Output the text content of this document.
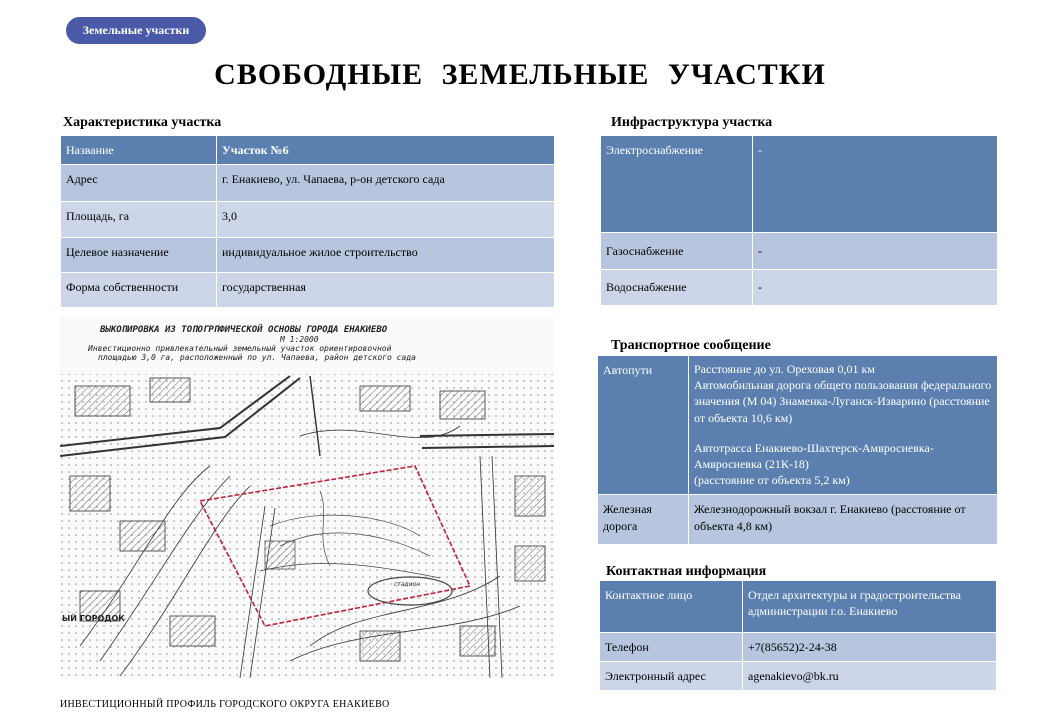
Земельные участки
СВОБОДНЫЕ ЗЕМЕЛЬНЫЕ УЧАСТКИ
Характеристика участка
Название	Участок №6
Адрес	г. Енакиево, ул. Чапаева, р-он детского сада
Площадь, га	3,0
Целевое назначение	индивидуальное жилое строительство
Форма собственности	государственная
Инфраструктура участка
Электроснабжение	-
Газоснабжение	-
Водоснабжение	-
Транспортное сообщение
Автопути	Расстояние до ул. Ореховая 0,01 км
Автомобильная дорога общего пользования федерального значения (М 04) Знаменка-Луганск-Изварино (расстояние от объекта 10,6 км)
Автотрасса Енакиево-Шахтерск-Амвросиевка-Амвросиевка (21К-18)
(расстояние от объекта 5,2 км)

Железная дорога	Железнодорожный вокзал г. Енакиево (расстояние от объекта 4,8 км)
Контактная информация
Контактное лицо	Отдел архитектуры и градостроительства администрации г.о. Енакиево
Телефон	+7(85652)2-24-38
Электронный адрес	agenakievo@bk.ru
ВЫКОПИРОВКА ИЗ ТОПОГРПФИЧЕСКОЙ ОСНОВЫ ГОРОДА ЕНАКИЕВО
М 1:2000
Инвестиционно привлекательный земельный участок ориентировочной
площадью 3,0 га, расположенный по ул. Чапаева, район детского сада
стадион
ЫЙ ГОРОДОК
ИНВЕСТИЦИОННЫЙ ПРОФИЛЬ ГОРОДСКОГО ОКРУГА ЕНАКИЕВО
